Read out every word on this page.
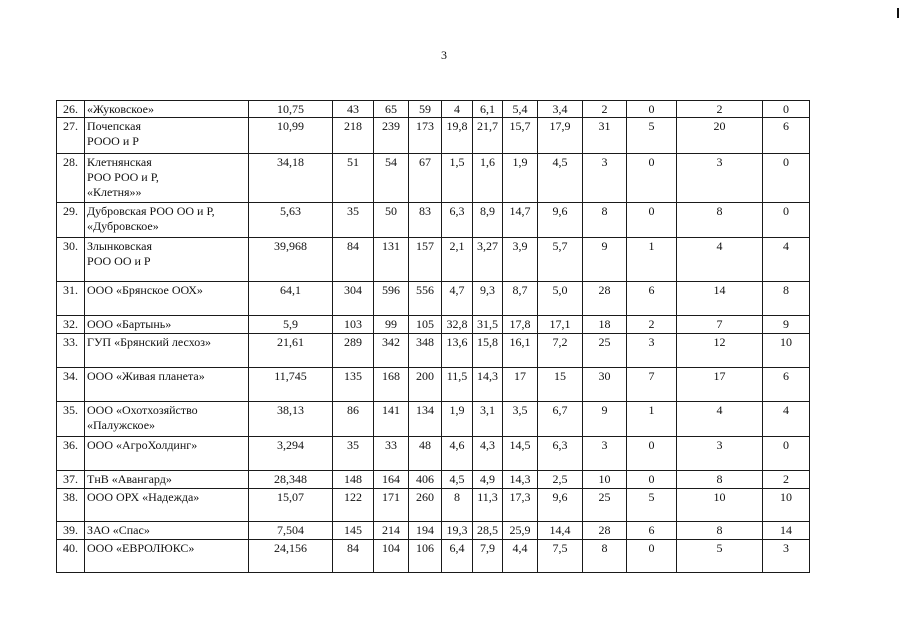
3
26.	«Жуковское»	10,75	43	65	59	4	6,1	5,4	3,4	2	0	2	0
27.	Почепская
РООО и Р	10,99	218	239	173	19,8	21,7	15,7	17,9	31	5	20	6
28.	Клетнянская
РОО РОО и Р,
«Клетня»»	34,18	51	54	67	1,5	1,6	1,9	4,5	3	0	3	0
29.	Дубровская РОО ОО и Р,
«Дубровское»	5,63	35	50	83	6,3	8,9	14,7	9,6	8	0	8	0
30.	Злынковская
РОО ОО и Р	39,968	84	131	157	2,1	3,27	3,9	5,7	9	1	4	4
31.	ООО «Брянское ООХ»	64,1	304	596	556	4,7	9,3	8,7	5,0	28	6	14	8
32.	ООО «Бартынь»	5,9	103	99	105	32,8	31,5	17,8	17,1	18	2	7	9
33.	ГУП «Брянский лесхоз»	21,61	289	342	348	13,6	15,8	16,1	7,2	25	3	12	10
34.	ООО «Живая планета»	11,745	135	168	200	11,5	14,3	17	15	30	7	17	6
35.	ООО «Охотхозяйство
«Палужское»	38,13	86	141	134	1,9	3,1	3,5	6,7	9	1	4	4
36.	ООО «АгроХолдинг»	3,294	35	33	48	4,6	4,3	14,5	6,3	3	0	3	0
37.	ТнВ «Авангард»	28,348	148	164	406	4,5	4,9	14,3	2,5	10	0	8	2
38.	ООО ОРХ «Надежда»	15,07	122	171	260	8	11,3	17,3	9,6	25	5	10	10
39.	ЗАО «Спас»	7,504	145	214	194	19,3	28,5	25,9	14,4	28	6	8	14
40.	ООО «ЕВРОЛЮКС»	24,156	84	104	106	6,4	7,9	4,4	7,5	8	0	5	3
